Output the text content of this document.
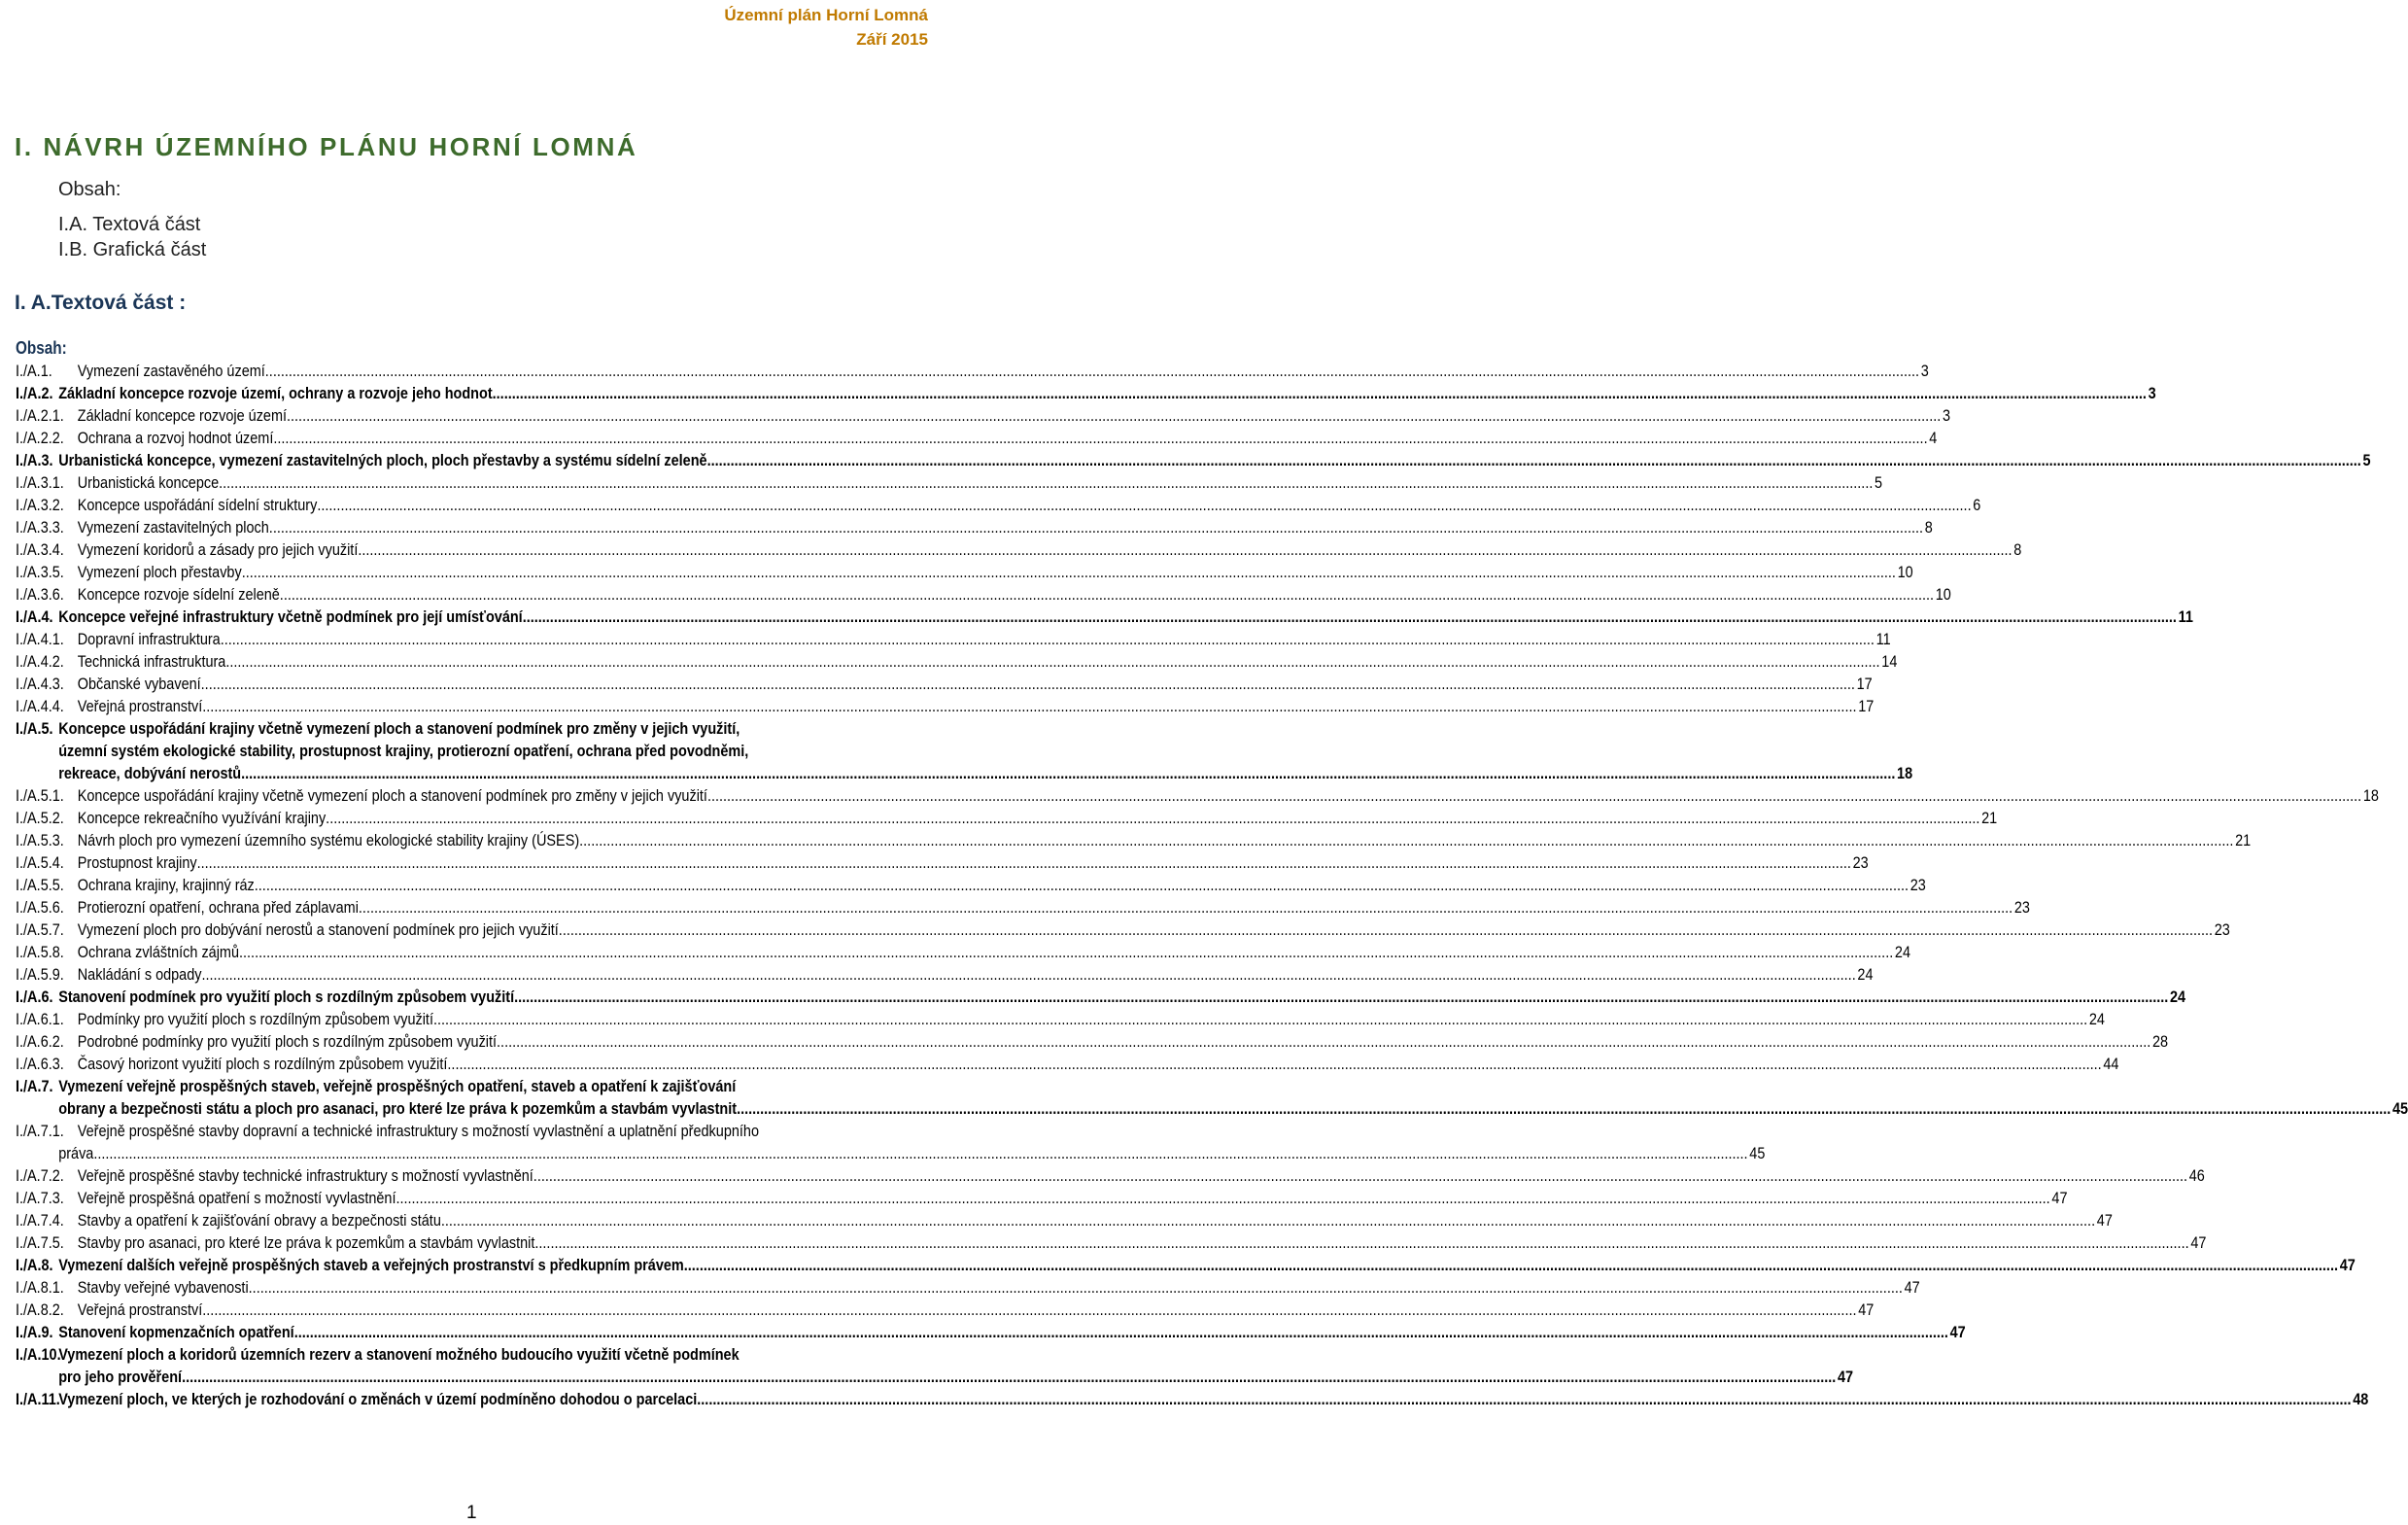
Územní plán Horní Lomná
Září 2015
I. NÁVRH ÚZEMNÍHO PLÁNU HORNÍ LOMNÁ
Obsah:
I.A. Textová část
I.B. Grafická část
I. A.Textová část :
Obsah:
I./A.1.	Vymezení zastavěného území .....	3
I./A.2. Základní koncepce rozvoje území, ochrany a rozvoje jeho hodnot .....	3
I./A.2.1. Základní koncepce rozvoje území .....	3
I./A.2.2. Ochrana a rozvoj hodnot území .....	4
I./A.3. Urbanistická koncepce, vymezení zastavitelných ploch, ploch přestavby a systému sídelní zeleně .....	5
I./A.3.1. Urbanistická koncepce .....	5
I./A.3.2. Koncepce uspořádání sídelní struktury .....	6
I./A.3.3. Vymezení zastavitelných ploch .....	8
I./A.3.4. Vymezení koridorů a zásady pro jejich využití .....	8
I./A.3.5. Vymezení ploch přestavby .....	10
I./A.3.6. Koncepce rozvoje sídelní zeleně .....	10
I./A.4. Koncepce veřejné infrastruktury včetně podmínek pro její umísťování .....	11
I./A.4.1. Dopravní infrastruktura .....	11
I./A.4.2. Technická infrastruktura .....	14
I./A.4.3. Občanské vybavení .....	17
I./A.4.4. Veřejná prostranství .....	17
I./A.5. Koncepce uspořádání krajiny včetně vymezení ploch a stanovení podmínek pro změny v jejich využití,
územní systém ekologické stability, prostupnost krajiny, protierozní opatření, ochrana před povodněmi,
rekreace, dobývání nerostů .....	18
I./A.5.1. Koncepce uspořádání krajiny včetně vymezení ploch a stanovení podmínek pro změny v jejich využití .....	18
I./A.5.2. Koncepce rekreačního využívání krajiny .....	21
I./A.5.3. Návrh ploch pro vymezení územního systému ekologické stability krajiny (ÚSES) .....	21
I./A.5.4. Prostupnost krajiny .....	23
I./A.5.5. Ochrana krajiny, krajinný ráz .....	23
I./A.5.6. Protierozní opatření, ochrana před záplavami .....	23
I./A.5.7. Vymezení ploch pro dobývání nerostů a stanovení podmínek pro jejich využití .....	23
I./A.5.8. Ochrana zvláštních zájmů .....	24
I./A.5.9. Nakládání s odpady .....	24
I./A.6. Stanovení podmínek pro využití ploch s rozdílným způsobem využití .....	24
I./A.6.1. Podmínky pro využití ploch s rozdílným způsobem využití .....	24
I./A.6.2. Podrobné podmínky pro využití ploch s rozdílným způsobem využití .....	28
I./A.6.3. Časový horizont využití ploch s rozdílným způsobem využití .....	44
I./A.7. Vymezení veřejně prospěšných staveb, veřejně prospěšných opatření, staveb a opatření k zajišťování
obrany a bezpečnosti státu a ploch pro asanaci, pro které lze práva k pozemkům a stavbám vyvlastnit .....	45
I./A.7.1. Veřejně prospěšné stavby dopravní a technické infrastruktury s možností vyvlastnění a uplatnění předkupního
práva .....	45
I./A.7.2. Veřejně prospěšné stavby technické infrastruktury s možností vyvlastnění .....	46
I./A.7.3. Veřejně prospěšná opatření s možností vyvlastnění .....	47
I./A.7.4. Stavby a opatření k zajišťování obravy a bezpečnosti státu .....	47
I./A.7.5. Stavby pro asanaci, pro které lze práva k pozemkům a stavbám vyvlastnit .....	47
I./A.8. Vymezení dalších veřejně prospěšných staveb a veřejných prostranství s předkupním právem .....	47
I./A.8.1. Stavby veřejné vybavenosti .....	47
I./A.8.2. Veřejná prostranství .....	47
I./A.9. Stanovení kopmenzačních opatření .....	47
I./A.10.
Vymezení ploch a koridorů územních rezerv a stanovení možného budoucího využití včetně podmínek
pro jeho prověření .....	47
I./A.11.
Vymezení ploch, ve kterých je rozhodování o změnách v území podmíněno dohodou o parcelaci .....	48
1
